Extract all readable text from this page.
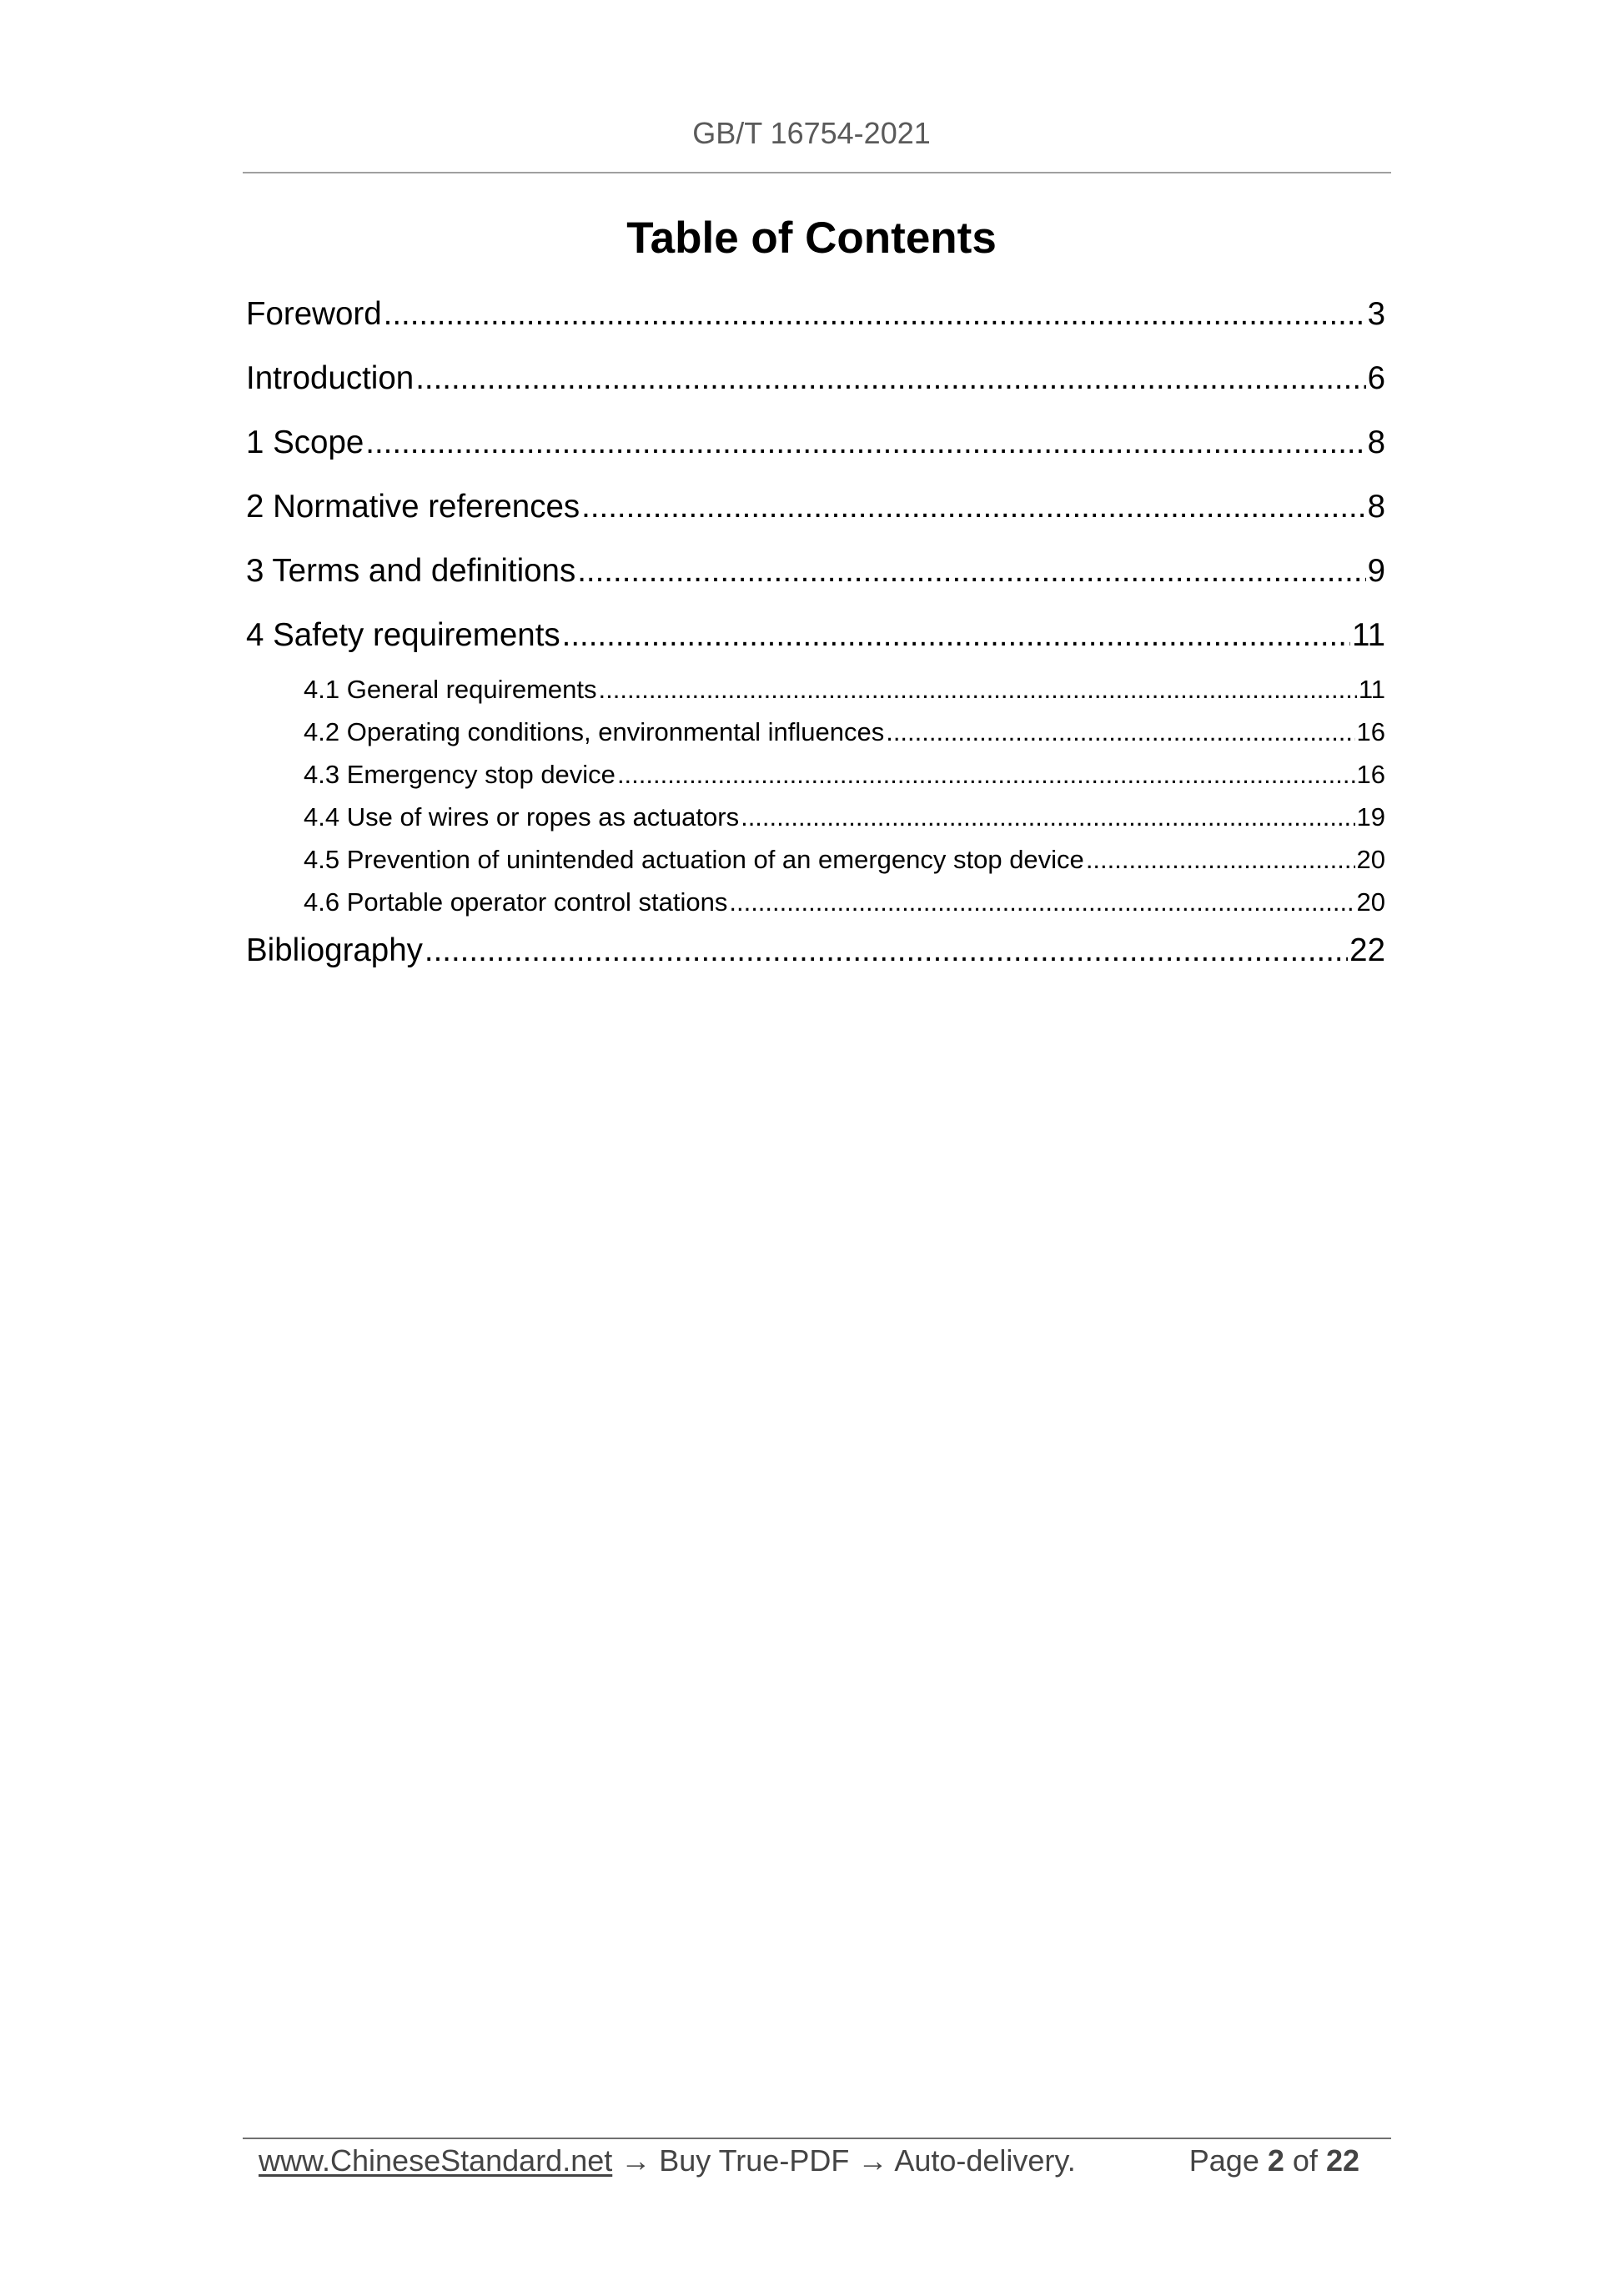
GB/T 16754-2021
Table of Contents
Foreword .....	3
Introduction .....	6
1 Scope .....	8
2 Normative references .....	8
3 Terms and definitions .....	9
4 Safety requirements .....	11
4.1 General requirements .....	11
4.2 Operating conditions, environmental influences .....	16
4.3 Emergency stop device .....	16
4.4 Use of wires or ropes as actuators .....	19
4.5 Prevention of unintended actuation of an emergency stop device .....	20
4.6 Portable operator control stations .....	20
Bibliography .....	22
www.ChineseStandard.net → Buy True-PDF → Auto-delivery.	Page 2 of 22
